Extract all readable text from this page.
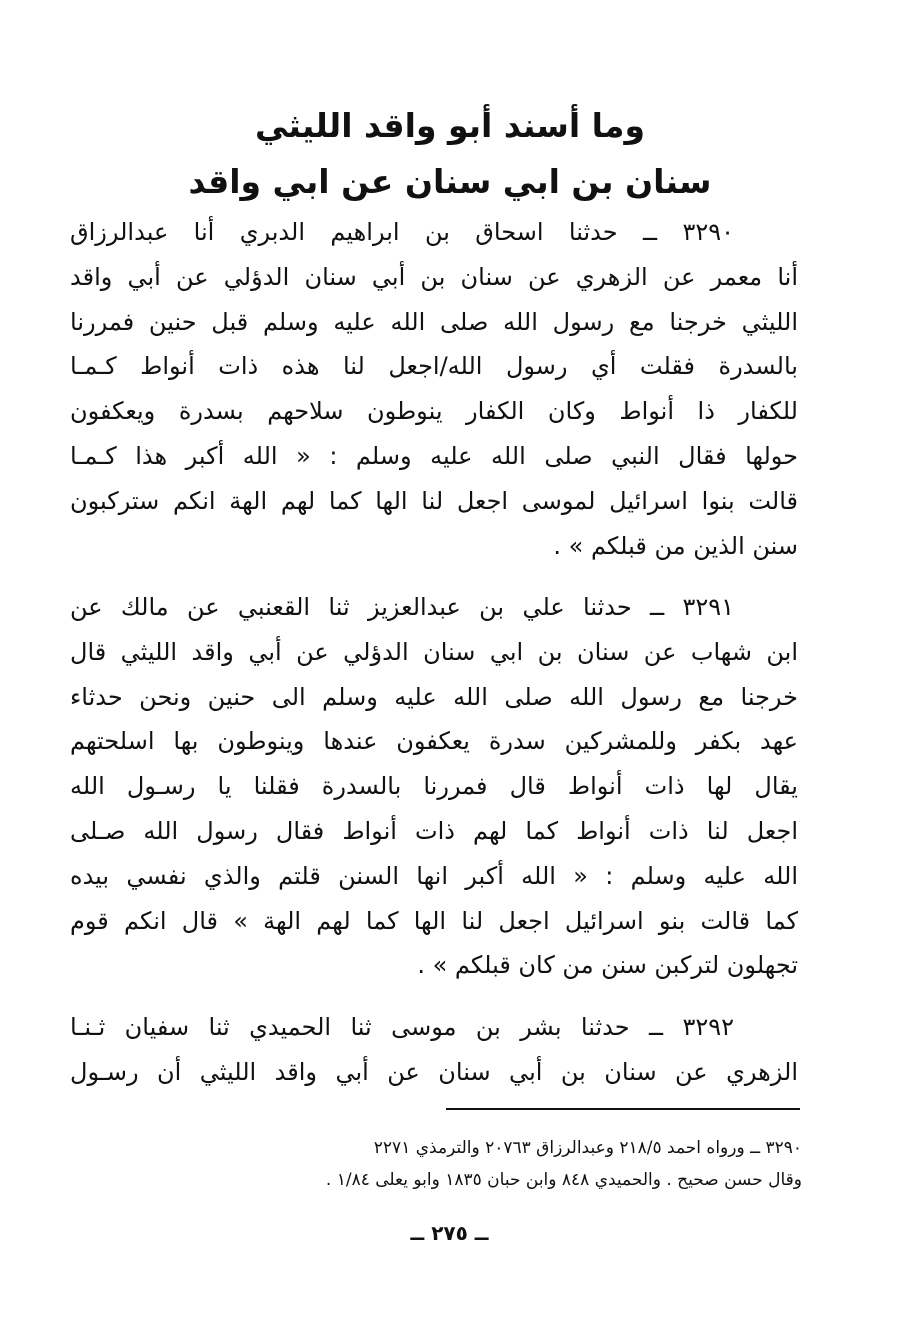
وما أسند أبو واقد الليثي
سنان بن ابي سنان عن ابي واقد
٣٢٩٠ ــ حدثنا اسحاق بن ابراهيم الدبري أنا عبدالرزاق
أنا معمر عن الزهري عن سنان بن أبي سنان الدؤلي عن أبي واقد
الليثي خرجنا مع رسول الله صلى الله عليه وسلم قبل حنين فمررنا
بالسدرة فقلت أي رسول الله/اجعل لنا هذه ذات أنواط كـمـا
للكفار ذا أنواط وكان الكفار ينوطون سلاحهم بسدرة ويعكفون
حولها فقال النبي صلى الله عليه وسلم : « الله أكبر هذا كـمـا
قالت بنوا اسرائيل لموسى اجعل لنا الها كما لهم الهة انكم ستركبون
سنن الذين من قبلكم » .
٣٢٩١ ــ حدثنا علي بن عبدالعزيز ثنا القعنبي عن مالك عن
ابن شهاب عن سنان بن ابي سنان الدؤلي عن أبي واقد الليثي قال
خرجنا مع رسول الله صلى الله عليه وسلم الى حنين ونحن حدثاء
عهد بكفر وللمشركين سدرة يعكفون عندها وينوطون بها اسلحتهم
يقال لها ذات أنواط قال فمررنا بالسدرة فقلنا يا رسـول الله
اجعل لنا ذات أنواط كما لهم ذات أنواط فقال رسول الله صـلى
الله عليه وسلم : « الله أكبر انها السنن قلتم والذي نفسي بيده
كما قالت بنو اسرائيل اجعل لنا الها كما لهم الهة » قال انكم قوم
تجهلون لتركبن سنن من كان قبلكم » .
٣٢٩٢ ــ حدثنا بشر بن موسى ثنا الحميدي ثنا سفيان ثـنـا
الزهري عن سنان بن أبي سنان عن أبي واقد الليثي أن رسـول
٣٢٩٠ ــ ورواه احمد ٢١٨/٥ وعبدالرزاق ٢٠٧٦٣ والترمذي ٢٢٧١
وقال حسن صحيح . والحميدي ٨٤٨ وابن حبان ١٨٣٥ وابو يعلى ١/٨٤ .
ــ ٢٧٥ ــ
